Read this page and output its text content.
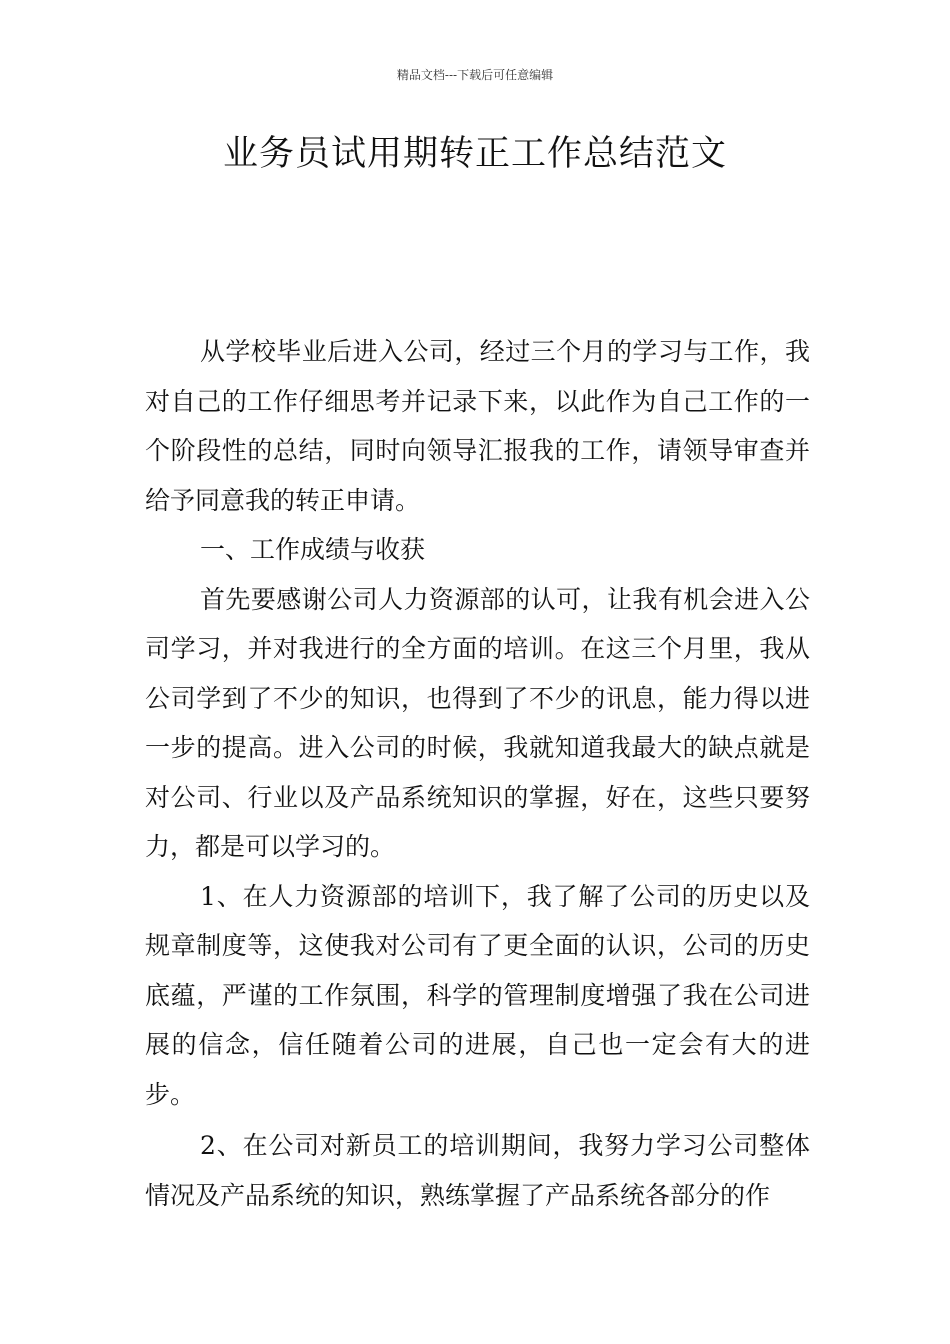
精品文档---下载后可任意编辑
业务员试用期转正工作总结范文

从学校毕业后进入公司，经过三个月的学习与工作，我对自己的工作仔细思考并记录下来，以此作为自己工作的一个阶段性的总结，同时向领导汇报我的工作，请领导审查并给予同意我的转正申请。

一、工作成绩与收获

首先要感谢公司人力资源部的认可，让我有机会进入公司学习，并对我进行的全方面的培训。在这三个月里，我从公司学到了不少的知识，也得到了不少的讯息，能力得以进一步的提高。进入公司的时候，我就知道我最大的缺点就是对公司、行业以及产品系统知识的掌握，好在，这些只要努力，都是可以学习的。

1、在人力资源部的培训下，我了解了公司的历史以及规章制度等，这使我对公司有了更全面的认识，公司的历史底蕴，严谨的工作氛围，科学的管理制度增强了我在公司进展的信念，信任随着公司的进展，自己也一定会有大的进步。

2、在公司对新员工的培训期间，我努力学习公司整体情况及产品系统的知识，熟练掌握了产品系统各部分的作
